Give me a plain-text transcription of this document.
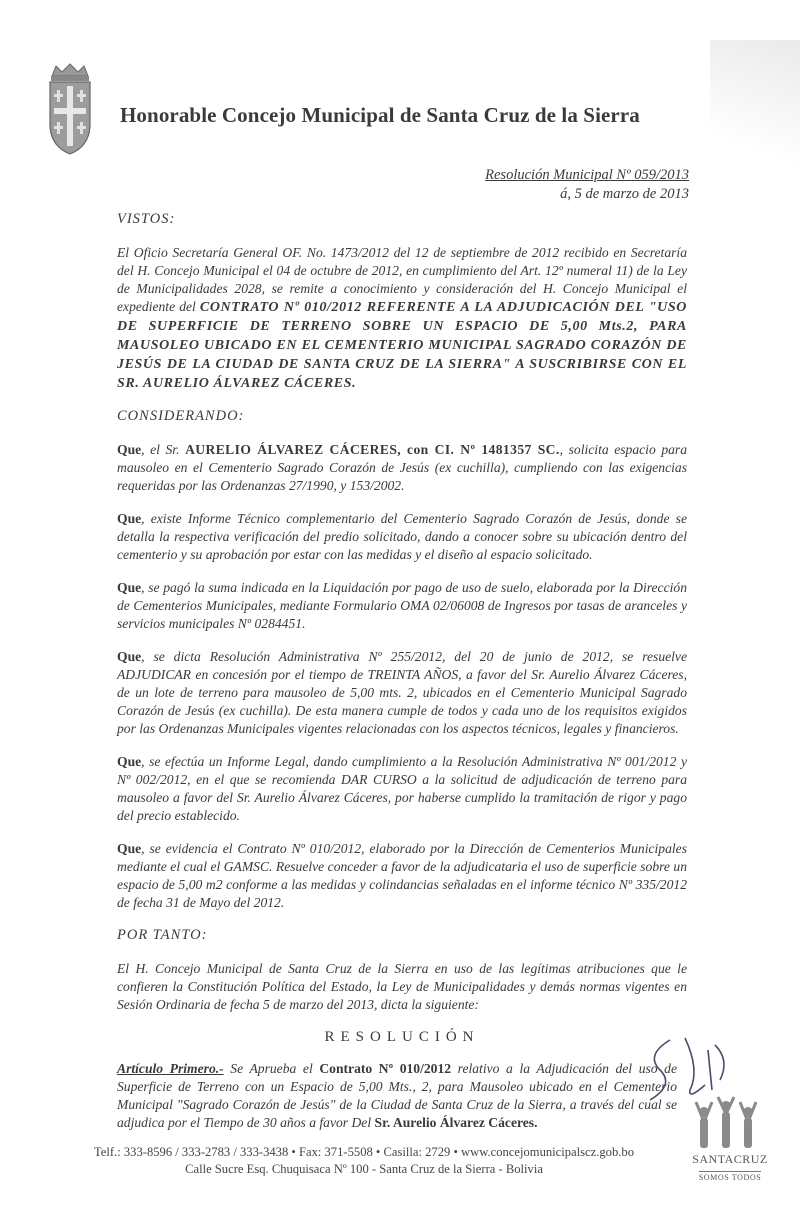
Honorable Concejo Municipal de Santa Cruz de la Sierra
Resolución Municipal Nº 059/2013
á, 5 de marzo de 2013

VISTOS:

El Oficio Secretaría General OF. No. 1473/2012 del 12 de septiembre de 2012 recibido en Secretaría del H. Concejo Municipal el 04 de octubre de 2012, en cumplimiento del Art. 12º numeral 11) de la Ley de Municipalidades 2028, se remite a conocimiento y consideración del H. Concejo Municipal el expediente del CONTRATO Nº 010/2012 REFERENTE A LA ADJUDICACIÓN DEL "USO DE SUPERFICIE DE TERRENO SOBRE UN ESPACIO DE 5,00 Mts.2, PARA MAUSOLEO UBICADO EN EL CEMENTERIO MUNICIPAL SAGRADO CORAZÓN DE JESÚS DE LA CIUDAD DE SANTA CRUZ DE LA SIERRA" A SUSCRIBIRSE CON EL SR. AURELIO ÁLVAREZ CÁCERES.

CONSIDERANDO:

Que, el Sr. AURELIO ÁLVAREZ CÁCERES, con CI. Nº 1481357 SC., solicita espacio para mausoleo en el Cementerio Sagrado Corazón de Jesús (ex cuchilla), cumpliendo con las exigencias requeridas por las Ordenanzas 27/1990, y 153/2002.

Que, existe Informe Técnico complementario del Cementerio Sagrado Corazón de Jesús, donde se detalla la respectiva verificación del predio solicitado, dando a conocer sobre su ubicación dentro del cementerio y su aprobación por estar con las medidas y el diseño al espacio solicitado.

Que, se pagó la suma indicada en la Liquidación por pago de uso de suelo, elaborada por la Dirección de Cementerios Municipales, mediante Formulario OMA 02/06008 de Ingresos por tasas de aranceles y servicios municipales Nº 0284451.

Que, se dicta Resolución Administrativa Nº 255/2012, del 20 de junio de 2012, se resuelve ADJUDICAR en concesión por el tiempo de TREINTA AÑOS, a favor del Sr. Aurelio Álvarez Cáceres, de un lote de terreno para mausoleo de 5,00 mts. 2, ubicados en el Cementerio Municipal Sagrado Corazón de Jesús (ex cuchilla). De esta manera cumple de todos y cada uno de los requisitos exigidos por las Ordenanzas Municipales vigentes relacionadas con los aspectos técnicos, legales y financieros.

Que, se efectúa un Informe Legal, dando cumplimiento a la Resolución Administrativa Nº 001/2012 y Nº 002/2012, en el que se recomienda DAR CURSO a la solicitud de adjudicación de terreno para mausoleo a favor del Sr. Aurelio Álvarez Cáceres, por haberse cumplido la tramitación de rigor y pago del precio establecido.

Que, se evidencia el Contrato Nº 010/2012, elaborado por la Dirección de Cementerios Municipales mediante el cual el GAMSC. Resuelve conceder a favor de la adjudicataria el uso de superficie sobre un espacio de 5,00 m2 conforme a las medidas y colindancias señaladas en el informe técnico Nº 335/2012 de fecha 31 de Mayo del 2012.

POR TANTO:

El H. Concejo Municipal de Santa Cruz de la Sierra en uso de las legítimas atribuciones que le confieren la Constitución Política del Estado, la Ley de Municipalidades y demás normas vigentes en Sesión Ordinaria de fecha 5 de marzo del 2013, dicta la siguiente:

RESOLUCIÓN

Artículo Primero.- Se Aprueba el Contrato Nº 010/2012 relativo a la Adjudicación del uso de Superficie de Terreno con un Espacio de 5,00 Mts., 2, para Mausoleo ubicado en el Cementerio Municipal "Sagrado Corazón de Jesús" de la Ciudad de Santa Cruz de la Sierra, a través del cual se adjudica por el Tiempo de 30 años a favor Del Sr. Aurelio Álvarez Cáceres.

SANTACRUZ
SOMOS TODOS
Telf.: 333-8596 / 333-2783 / 333-3438 • Fax: 371-5508 • Casilla: 2729 • www.concejomunicipalscz.gob.bo
Calle Sucre Esq. Chuquisaca Nº 100 - Santa Cruz de la Sierra - Bolivia
